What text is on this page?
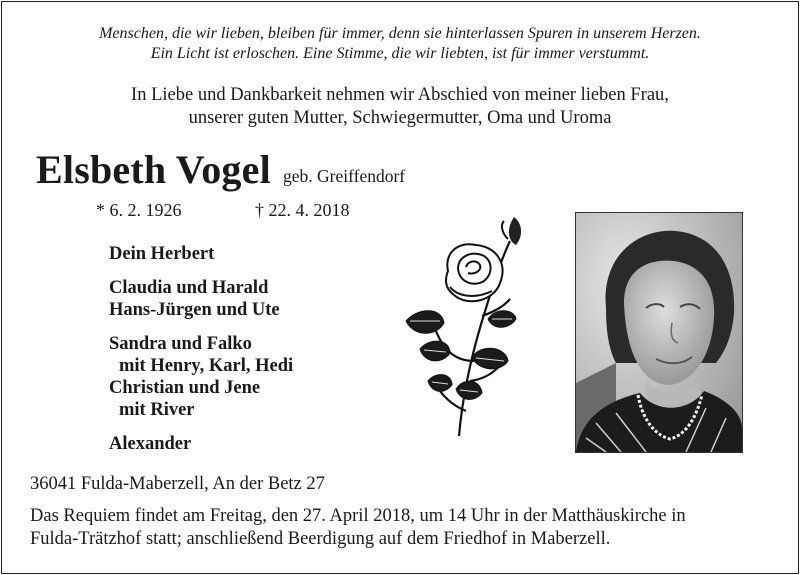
Menschen, die wir lieben, bleiben für immer, denn sie hinterlassen Spuren in unserem Herzen.
Ein Licht ist erloschen. Eine Stimme, die wir liebten, ist für immer verstummt.
In Liebe und Dankbarkeit nehmen wir Abschied von meiner lieben Frau,
unserer guten Mutter, Schwiegermutter, Oma und Uroma
Elsbeth Vogel geb. Greiffendorf
* 6. 2. 1926	† 22. 4. 2018
Dein Herbert
Claudia und Harald
Hans-Jürgen und Ute
Sandra und Falko
mit Henry, Karl, Hedi
Christian und Jene
mit River
Alexander
36041 Fulda-Maberzell, An der Betz 27
Das Requiem findet am Freitag, den 27. April 2018, um 14 Uhr in der Matthäuskirche in
Fulda-Trätzhof statt; anschließend Beerdigung auf dem Friedhof in Maberzell.
